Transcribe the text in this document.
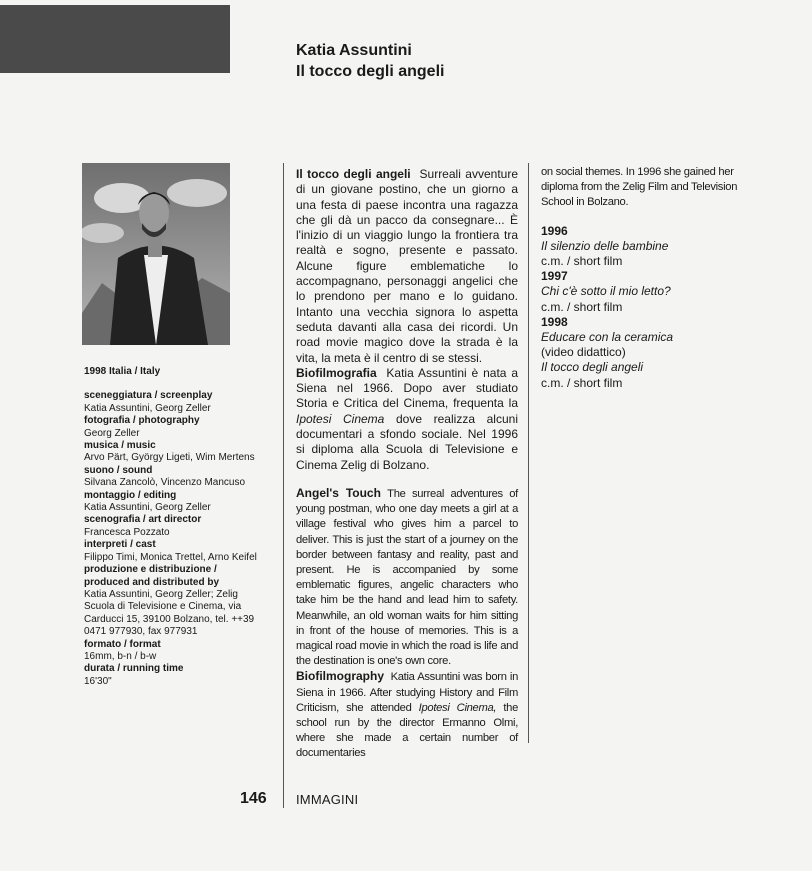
Katia Assuntini
Il tocco degli angeli
1998 Italia / Italy
sceneggiatura / screenplay
Katia Assuntini, Georg Zeller
fotografia / photography
Georg Zeller
musica / music
Arvo Pärt, György Ligeti, Wim Mertens
suono / sound
Silvana Zancolò, Vincenzo Mancuso
montaggio / editing
Katia Assuntini, Georg Zeller
scenografia / art director
Francesca Pozzato
interpreti / cast
Filippo Timi, Monica Trettel, Arno Keifel
produzione e distribuzione / produced and distributed by
Katia Assuntini, Georg Zeller; Zelig Scuola di Televisione e Cinema, via Carducci 15, 39100 Bolzano, tel. ++39 0471 977930, fax 977931
formato / format
16mm, b-n / b-w
durata / running time
16'30"

Il tocco degli angeli Surreali avventure di un giovane postino, che un giorno a una festa di paese incontra una ragazza che gli dà un pacco da consegnare... È l'inizio di un viaggio lungo la frontiera tra realtà e sogno, presente e passato. Alcune figure emblematiche lo accompagnano, personaggi angelici che lo prendono per mano e lo guidano. Intanto una vecchia signora lo aspetta seduta davanti alla casa dei ricordi. Un road movie magico dove la strada è la vita, la meta è il centro di se stessi.

Biofilmografia Katia Assuntini è nata a Siena nel 1966. Dopo aver studiato Storia e Critica del Cinema, frequenta la Ipotesi Cinema dove realizza alcuni documentari a sfondo sociale. Nel 1996 si diploma alla Scuola di Televisione e Cinema Zelig di Bolzano.

Angel's Touch The surreal adventures of young postman, who one day meets a girl at a village festival who gives him a parcel to deliver. This is just the start of a journey on the border between fantasy and reality, past and present. He is accompanied by some emblematic figures, angelic characters who take him be the hand and lead him to safety. Meanwhile, an old woman waits for him sitting in front of the house of memories. This is a magical road movie in which the road is life and the destination is one's own core.

Biofilmography Katia Assuntini was born in Siena in 1966. After studying History and Film Criticism, she attended Ipotesi Cinema, the school run by the director Ermanno Olmi, where she made a certain number of documentaries

on social themes. In 1996 she gained her diploma from the Zelig Film and Television School in Bolzano.

1996
Il silenzio delle bambine
c.m. / short film
1997
Chi c'è sotto il mio letto?
c.m. / short film
1998
Educare con la ceramica
(video didattico)
Il tocco degli angeli
c.m. / short film
146 IMMAGINI
